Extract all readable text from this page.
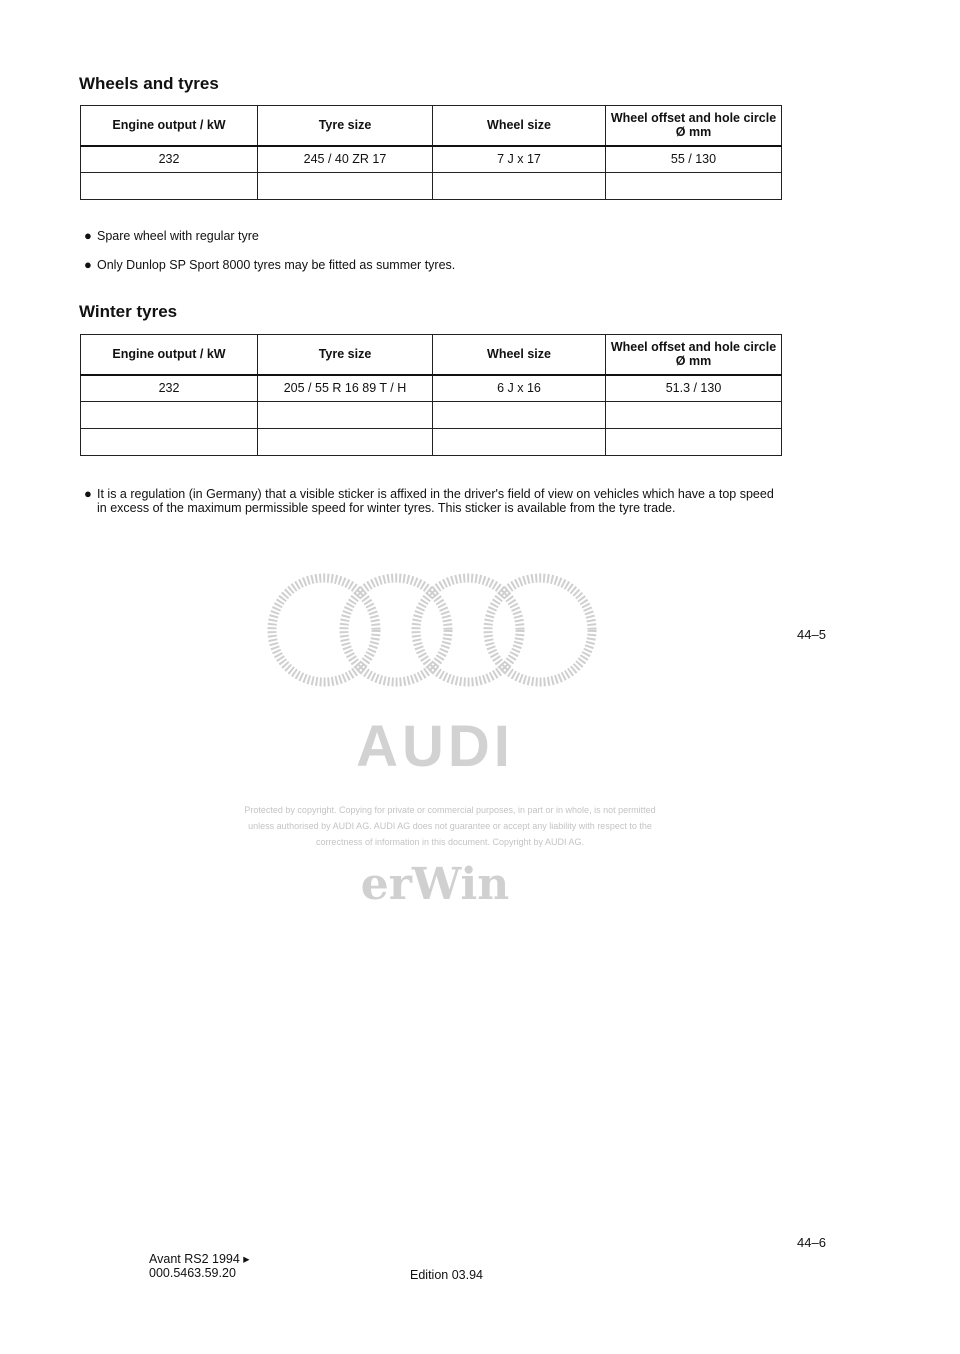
Wheels and tyres
Engine output / kW	Tyre size	Wheel size	Wheel offset and hole circle Ø mm
232	245 / 40 ZR 17	7 J x 17	55 / 130

● Spare wheel with regular tyre
● Only Dunlop SP Sport 8000 tyres may be fitted as summer tyres.
Winter tyres
Engine output / kW	Tyre size	Wheel size	Wheel offset and hole circle Ø mm
232	205 / 55 R 16 89 T / H	6 J x 16	51.3 / 130

● It is a regulation (in Germany) that a visible sticker is affixed in the driver's field of view on vehicles which have a top speed in excess of the maximum permissible speed for winter tyres. This sticker is available from the tyre trade.
AUDI
Protected by copyright. Copying for private or commercial purposes, in part or in whole, is not permitted unless authorised by AUDI AG. AUDI AG does not guarantee or accept any liability with respect to the correctness of information in this document. Copyright by AUDI AG.
erWin
44–5
44–6
Avant RS2 1994 ▸
000.5463.59.20	Edition 03.94
